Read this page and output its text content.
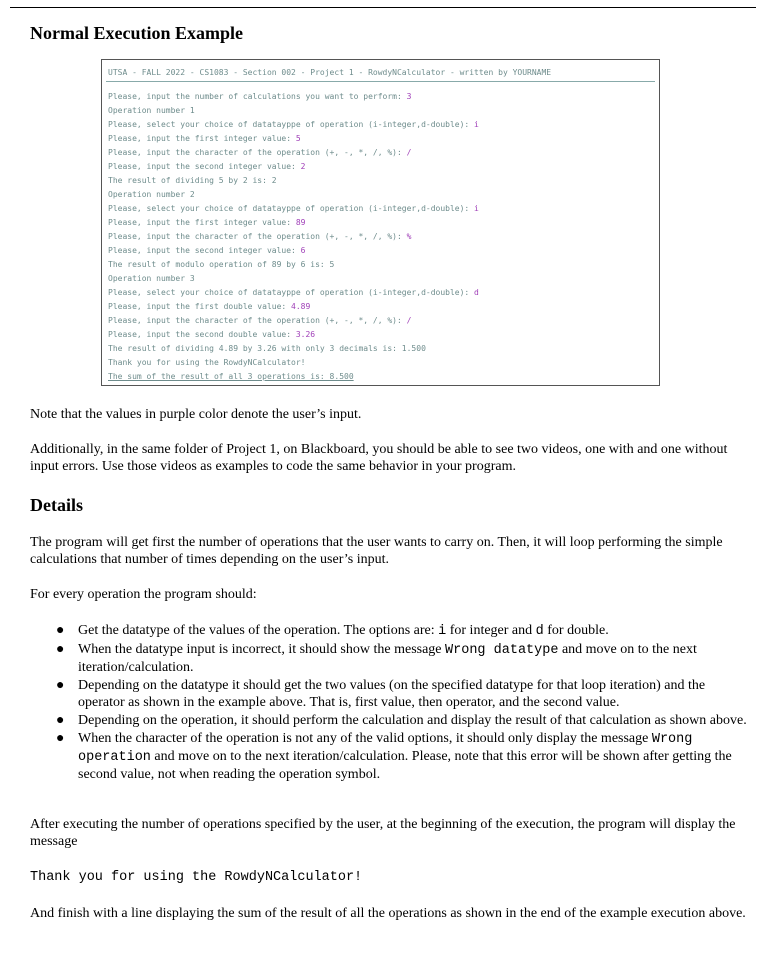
Normal Execution Example
UTSA - FALL 2022 - CS1083 - Section 002 - Project 1 - RowdyNCalculator - written by YOURNAME
Please, input the number of calculations you want to perform: 3
Operation number 1
Please, select your choice of datatayppe of operation (i-integer,d-double): i
Please, input the first integer value: 5
Please, input the character of the operation (+, -, *, /, %): /
Please, input the second integer value: 2
The result of dividing 5 by 2 is: 2
Operation number 2
Please, select your choice of datatayppe of operation (i-integer,d-double): i
Please, input the first integer value: 89
Please, input the character of the operation (+, -, *, /, %): %
Please, input the second integer value: 6
The result of modulo operation of 89 by 6 is: 5
Operation number 3
Please, select your choice of datatayppe of operation (i-integer,d-double): d
Please, input the first double value: 4.89
Please, input the character of the operation (+, -, *, /, %): /
Please, input the second double value: 3.26
The result of dividing 4.89 by 3.26 with only 3 decimals is: 1.500
Thank you for using the RowdyNCalculator!
The sum of the result of all 3 operations is: 8.500

Note that the values in purple color denote the user’s input.

Additionally, in the same folder of Project 1, on Blackboard, you should be able to see two videos, one with and one without input errors. Use those videos as examples to code the same behavior in your program.

Details

The program will get first the number of operations that the user wants to carry on. Then, it will loop performing the simple calculations that number of times depending on the user’s input.

For every operation the program should:

● Get the datatype of the values of the operation. The options are: i for integer and d for double.
● When the datatype input is incorrect, it should show the message Wrong datatype and move on to the next iteration/calculation.
● Depending on the datatype it should get the two values (on the specified datatype for that loop iteration) and the operator as shown in the example above. That is, first value, then operator, and the second value.
● Depending on the operation, it should perform the calculation and display the result of that calculation as shown above.
● When the character of the operation is not any of the valid options, it should only display the message Wrong operation and move on to the next iteration/calculation. Please, note that this error will be shown after getting the second value, not when reading the operation symbol.

After executing the number of operations specified by the user, at the beginning of the execution, the program will display the message

Thank you for using the RowdyNCalculator!

And finish with a line displaying the sum of the result of all the operations as shown in the end of the example execution above.
